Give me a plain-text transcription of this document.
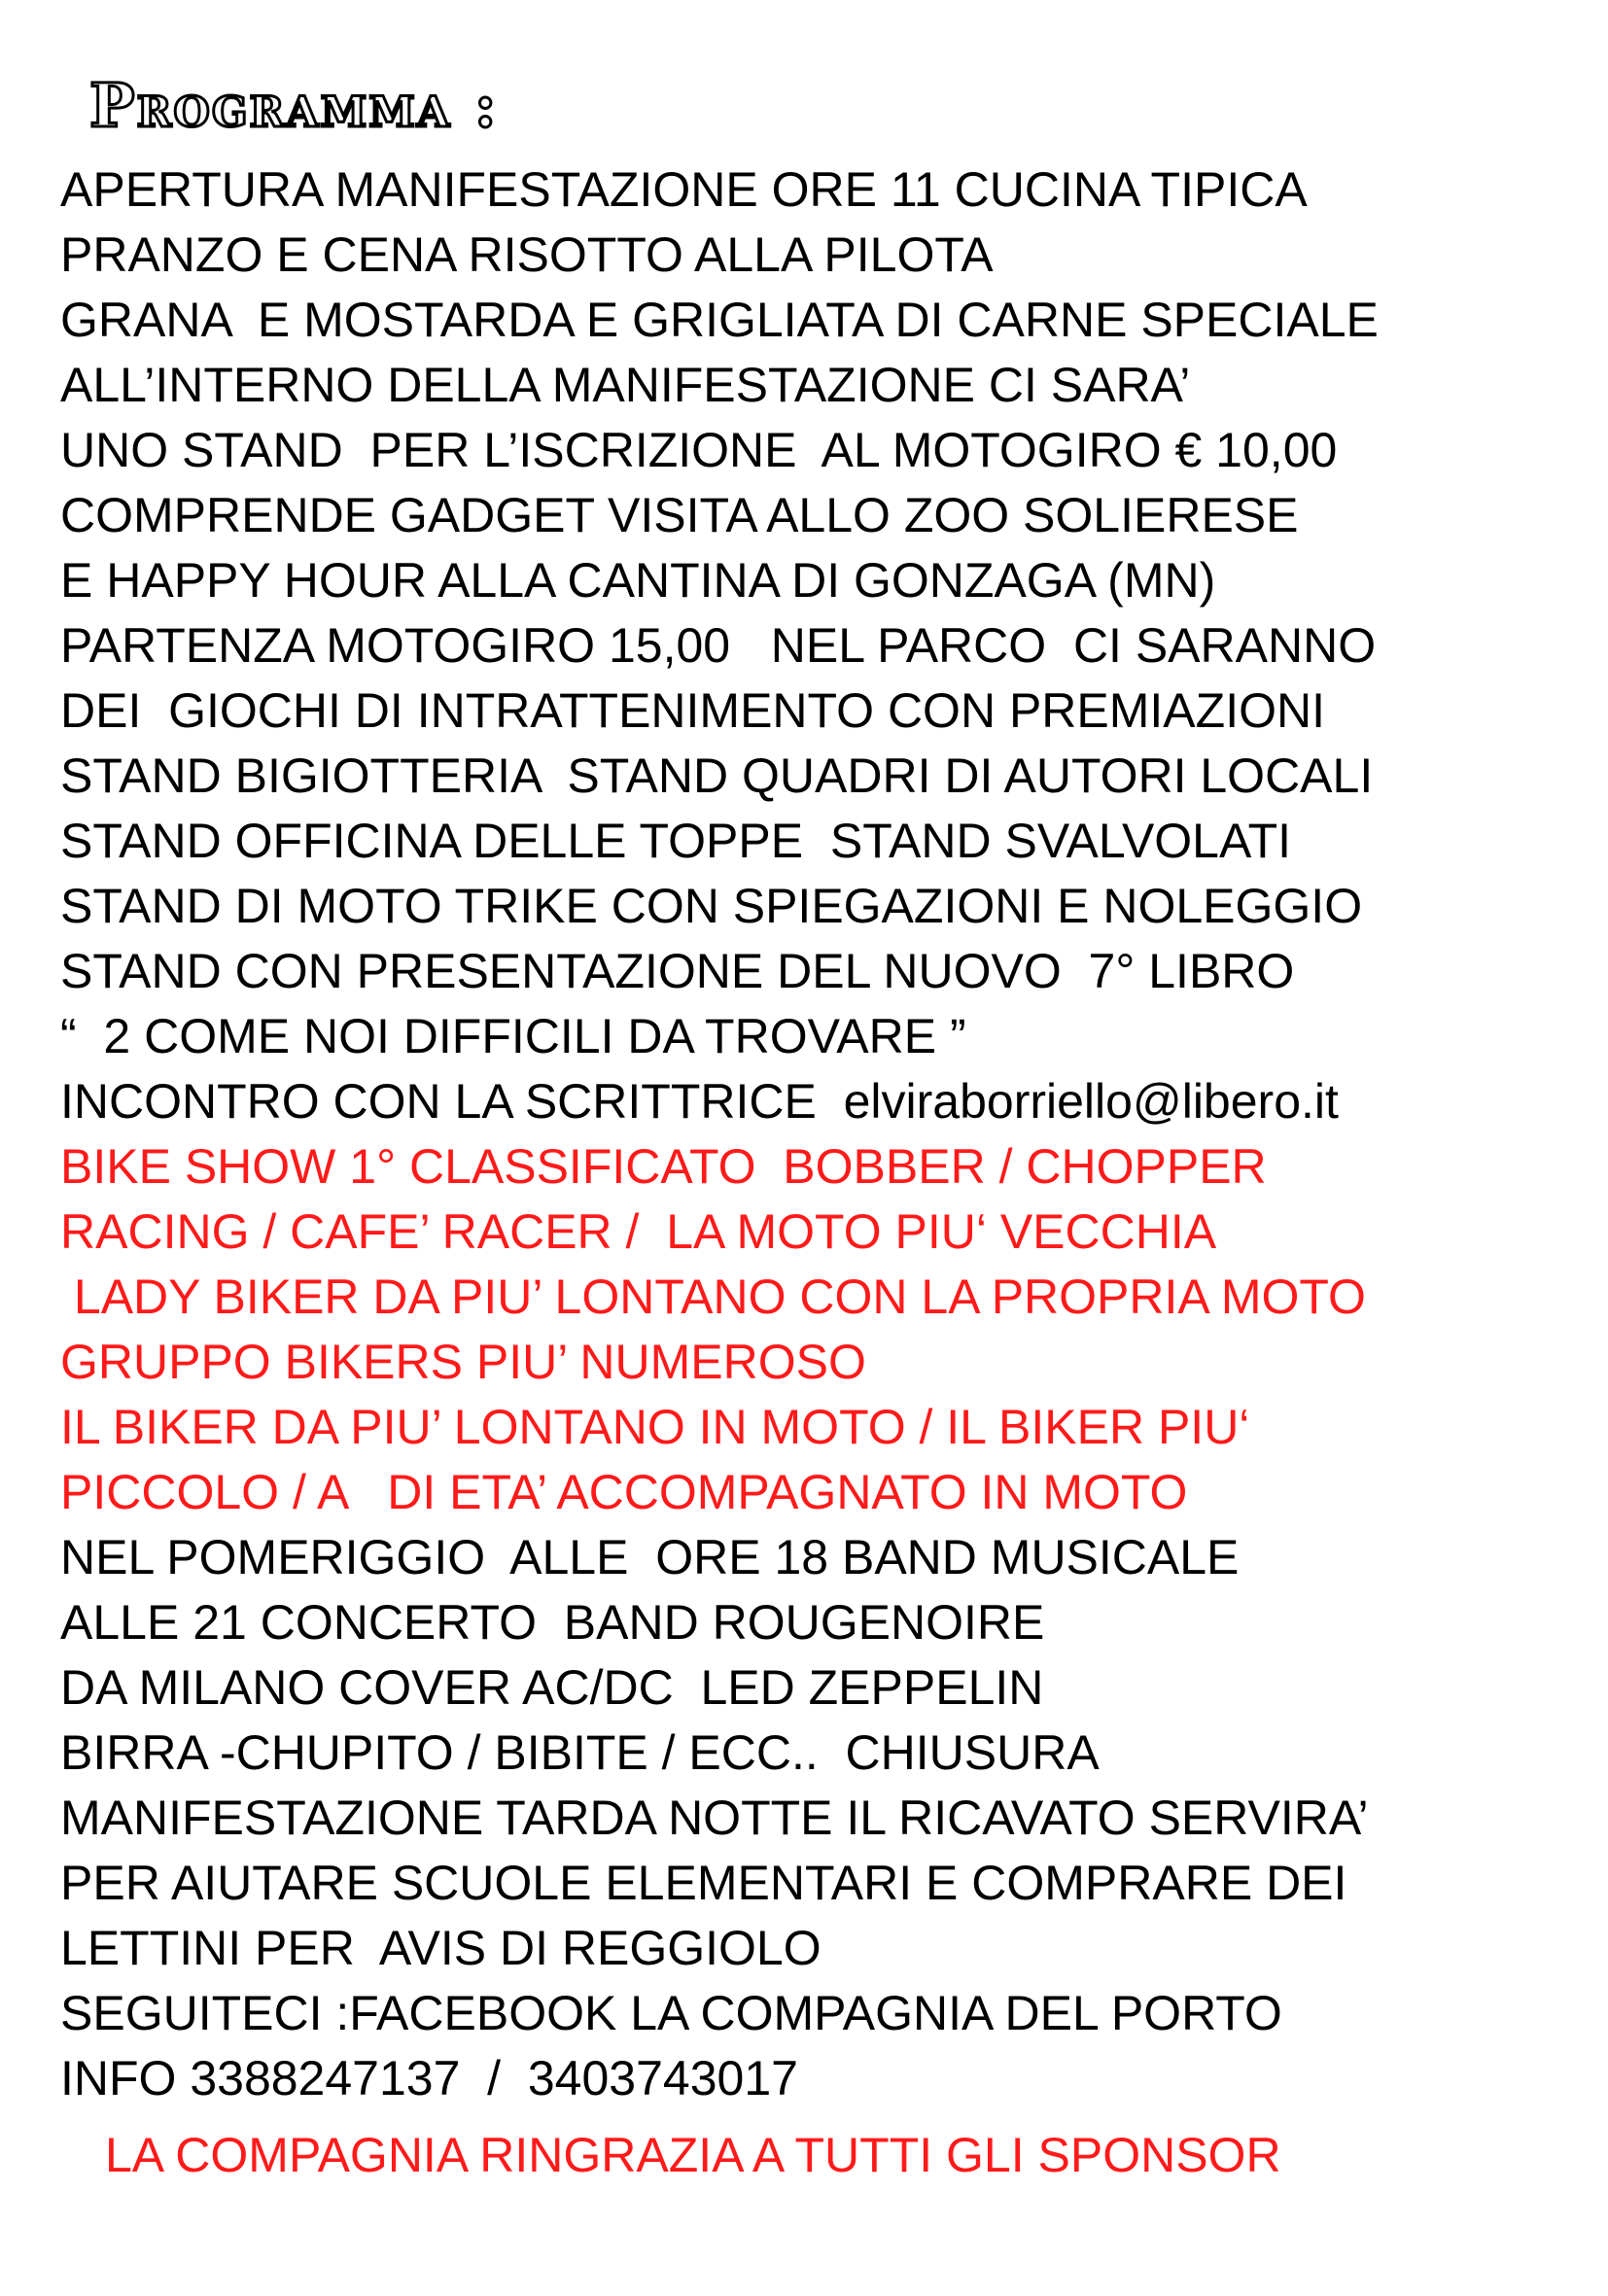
Programma :
APERTURA MANIFESTAZIONE ORE 11 CUCINA TIPICA
PRANZO E CENA RISOTTO ALLA PILOTA
GRANA  E MOSTARDA E GRIGLIATA DI CARNE SPECIALE
ALL’INTERNO DELLA MANIFESTAZIONE CI SARA’
UNO STAND  PER L’ISCRIZIONE  AL MOTOGIRO € 10,00
COMPRENDE GADGET VISITA ALLO ZOO SOLIERESE
E HAPPY HOUR ALLA CANTINA DI GONZAGA (MN)
PARTENZA MOTOGIRO 15,00   NEL PARCO  CI SARANNO
DEI  GIOCHI DI INTRATTENIMENTO CON PREMIAZIONI
STAND BIGIOTTERIA  STAND QUADRI DI AUTORI LOCALI
STAND OFFICINA DELLE TOPPE  STAND SVALVOLATI
STAND DI MOTO TRIKE CON SPIEGAZIONI E NOLEGGIO
STAND CON PRESENTAZIONE DEL NUOVO  7° LIBRO
“  2 COME NOI DIFFICILI DA TROVARE ”
INCONTRO CON LA SCRITTRICE  elviraborriello@libero.it
BIKE SHOW 1° CLASSIFICATO  BOBBER / CHOPPER
RACING / CAFE’ RACER /  LA MOTO PIU‘ VECCHIA
LADY BIKER DA PIU’ LONTANO CON LA PROPRIA MOTO
GRUPPO BIKERS PIU’ NUMEROSO
IL BIKER DA PIU’ LONTANO IN MOTO / IL BIKER PIU‘
PICCOLO / A   DI ETA’ ACCOMPAGNATO IN MOTO
NEL POMERIGGIO  ALLE  ORE 18 BAND MUSICALE
ALLE 21 CONCERTO  BAND ROUGENOIRE
DA MILANO COVER AC/DC  LED ZEPPELIN
BIRRA -CHUPITO / BIBITE / ECC..  CHIUSURA
MANIFESTAZIONE TARDA NOTTE IL RICAVATO SERVIRA’
PER AIUTARE SCUOLE ELEMENTARI E COMPRARE DEI
LETTINI PER  AVIS DI REGGIOLO
SEGUITECI :FACEBOOK LA COMPAGNIA DEL PORTO
INFO 3388247137  /  3403743017
LA COMPAGNIA RINGRAZIA A TUTTI GLI SPONSOR
